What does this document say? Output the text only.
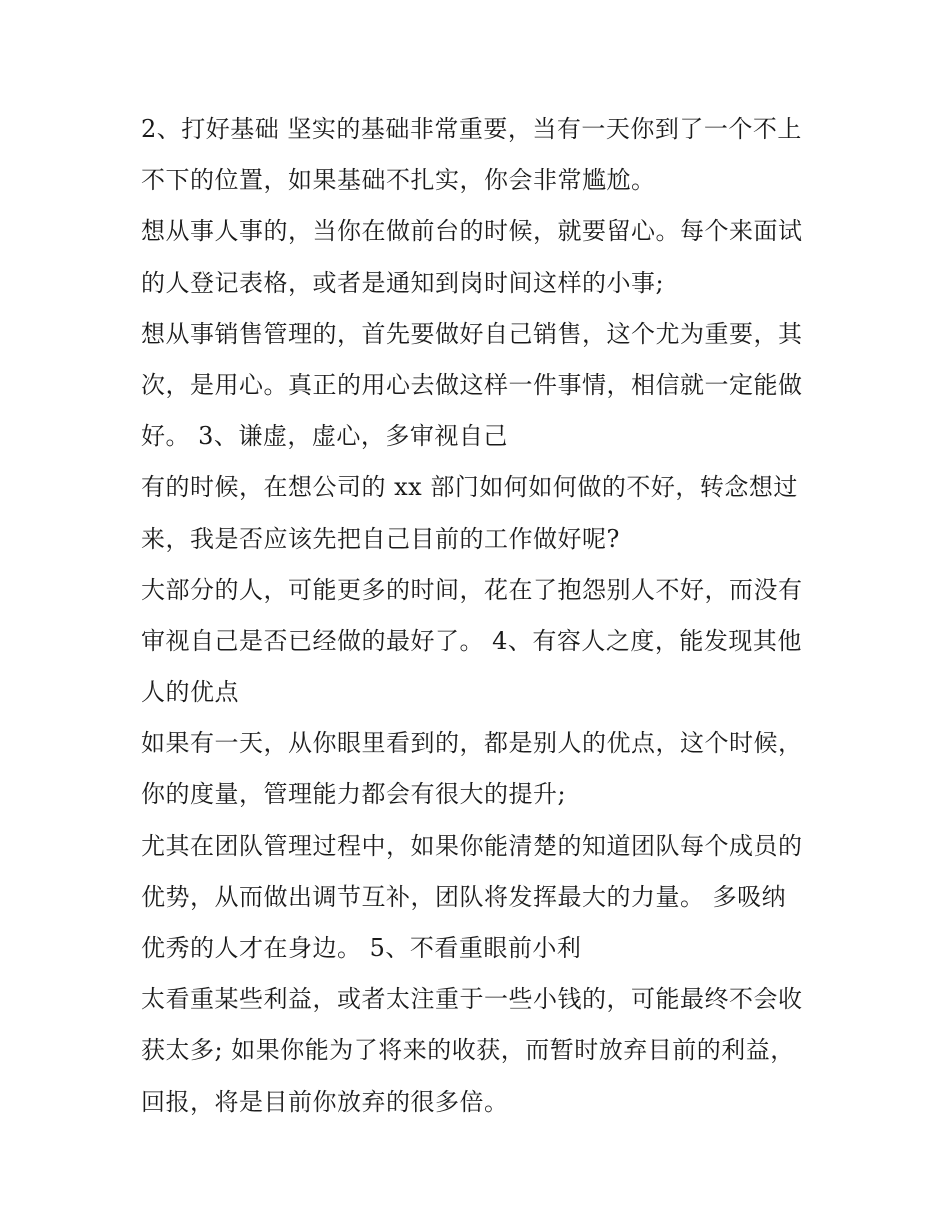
2、打好基础 坚实的基础非常重要，当有一天你到了一个不上
不下的位置，如果基础不扎实，你会非常尴尬。
想从事人事的，当你在做前台的时候，就要留心。每个来面试
的人登记表格，或者是通知到岗时间这样的小事;
想从事销售管理的，首先要做好自己销售，这个尤为重要，其
次，是用心。真正的用心去做这样一件事情，相信就一定能做
好。 3、谦虚，虚心，多审视自己
有的时候，在想公司的 xx 部门如何如何做的不好，转念想过
来，我是否应该先把自己目前的工作做好呢?
大部分的人，可能更多的时间，花在了抱怨别人不好，而没有
审视自己是否已经做的最好了。 4、有容人之度，能发现其他
人的优点
如果有一天，从你眼里看到的，都是别人的优点，这个时候，
你的度量，管理能力都会有很大的提升;
尤其在团队管理过程中，如果你能清楚的知道团队每个成员的
优势，从而做出调节互补，团队将发挥最大的力量。 多吸纳
优秀的人才在身边。 5、不看重眼前小利
太看重某些利益，或者太注重于一些小钱的，可能最终不会收
获太多; 如果你能为了将来的收获，而暂时放弃目前的利益，
回报，将是目前你放弃的很多倍。
